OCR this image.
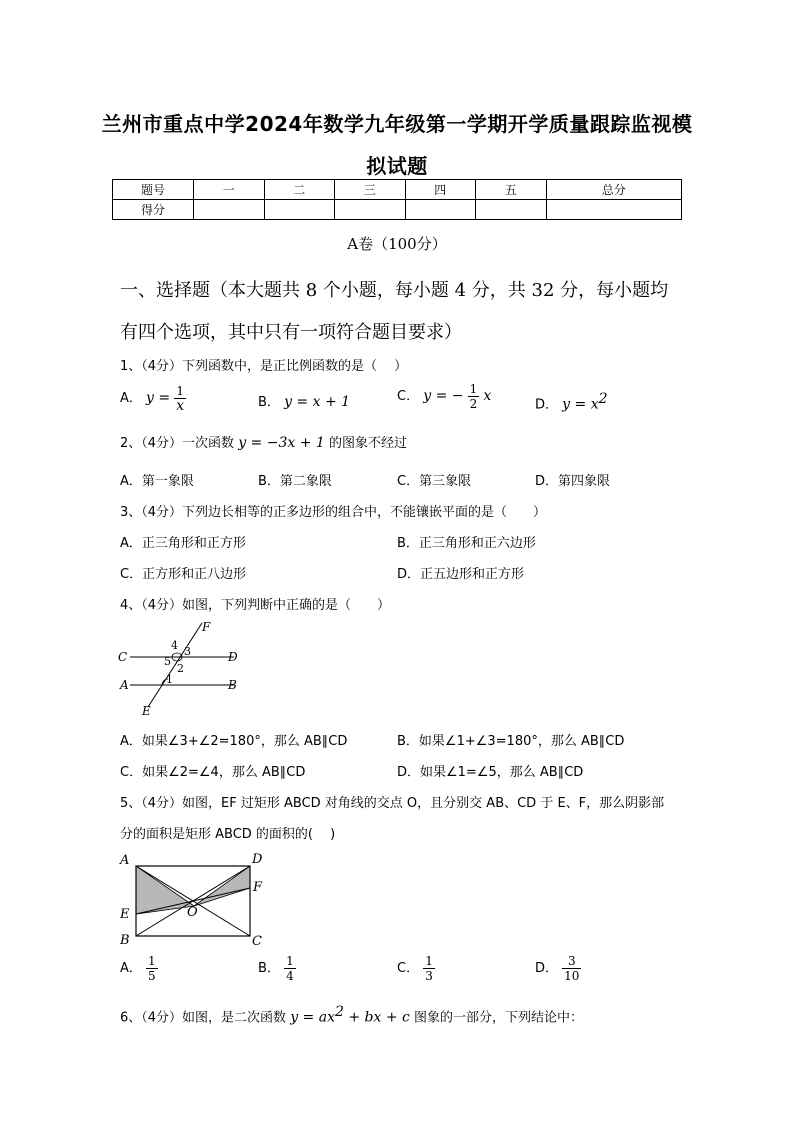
兰州市重点中学2024年数学九年级第一学期开学质量跟踪监视模
拟试题
题号	一	二	三	四	五	总分
得分						
A卷（100分）
一、选择题（本大题共 8 个小题，每小题 4 分，共 32 分，每小题均
有四个选项，其中只有一项符合题目要求）
1、（4分）下列函数中，是正比例函数的是（　 ）
A． $y = \frac{1}{x}$	B． y = x + 1	C． y = − $\frac{1}{2}$ x
D． $y = x^2$
2、（4分）一次函数 y = −3x + 1 的图象不经过
A．第一象限	B．第二象限	C．第三象限	D．第四象限
3、（4分）下列边长相等的正多边形的组合中，不能镶嵌平面的是（　　）
A．正三角形和正方形	B．正三角形和正六边形
C．正方形和正八边形	D．正五边形和正方形
4、（4分）如图，下列判断中正确的是（　　）
F
C	D
A	B
E
4 3
5
2
1
A．如果∠3+∠2=180°，那么 AB∥CD	B．如果∠1+∠3=180°，那么 AB∥CD
C．如果∠2=∠4，那么 AB∥CD	D．如果∠1=∠5，那么 AB∥CD
5、（4分）如图，EF 过矩形 ABCD 对角线的交点 O，且分别交 AB、CD 于 E、F，那么阴影部
分的面积是矩形 ABCD 的面积的(　 )
A	D
F
E	O
B	C
A． $\frac{1}{5}$	B． $\frac{1}{4}$	C． $\frac{1}{3}$	D． $\frac{3}{10}$
6、（4分）如图，是二次函数 $y = ax^2$ + bx + c 图象的一部分，下列结论中：
